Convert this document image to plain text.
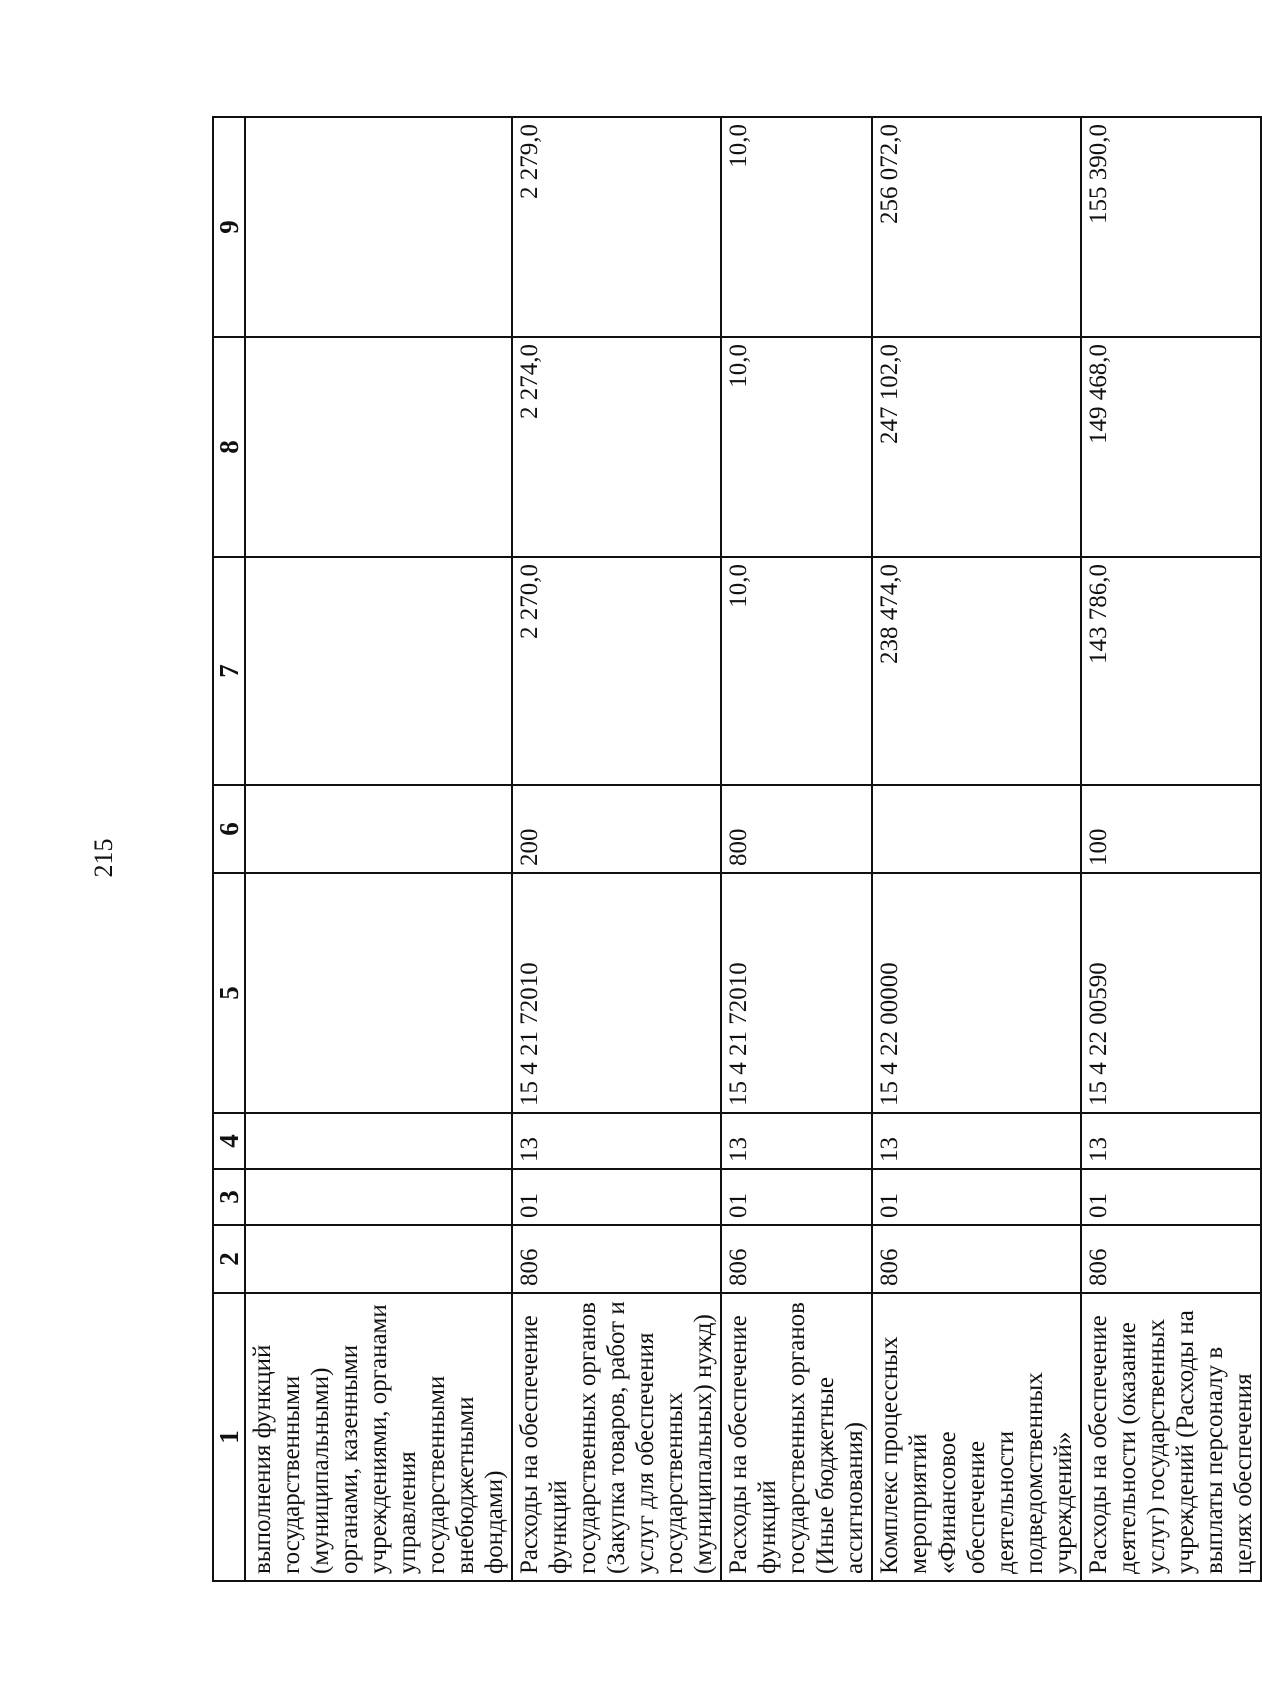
215
1	2	3	4	5	6	7	8	9
выполнения функций государственными (муниципальными) органами, казенными учреждениями, органами управления государственными внебюджетными фондами)								
Расходы на обеспечение функций государственных органов (Закупка товаров, работ и услуг для обеспечения государственных (муниципальных) нужд)	806	01	13	15 4 21 72010	200	2 270,0	2 274,0	2 279,0
Расходы на обеспечение функций государственных органов (Иные бюджетные ассигнования)	806	01	13	15 4 21 72010	800	10,0	10,0	10,0
Комплекс процессных мероприятий «Финансовое обеспечение деятельности подведомственных учреждений»	806	01	13	15 4 22 00000		238 474,0	247 102,0	256 072,0
Расходы на обеспечение деятельности (оказание услуг) государственных учреждений (Расходы на выплаты персоналу в целях обеспечения	806	01	13	15 4 22 00590	100	143 786,0	149 468,0	155 390,0
